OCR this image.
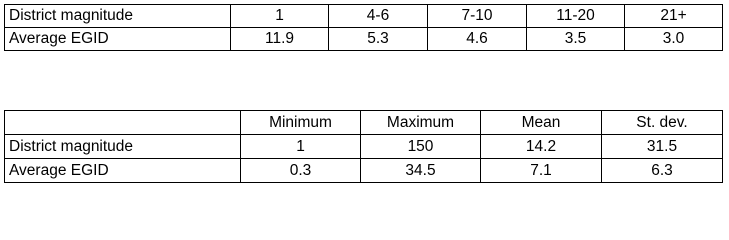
District magnitude	1	4-6	7-10	11-20	21+
Average EGID	11.9	5.3	4.6	3.5	3.0
	Minimum	Maximum	Mean	St. dev.
District magnitude	1	150	14.2	31.5
Average EGID	0.3	34.5	7.1	6.3
